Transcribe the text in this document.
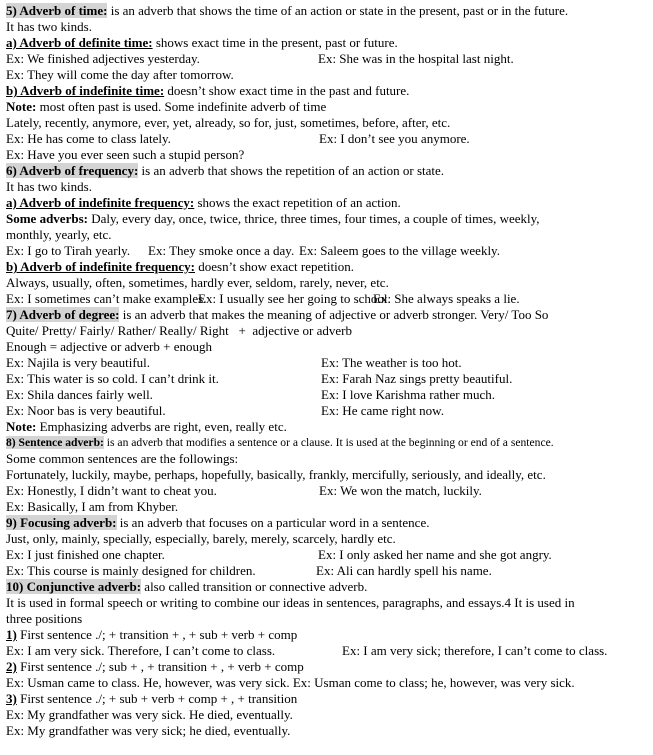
5) Adverb of time: is an adverb that shows the time of an action or state in the present, past or in the future.
It has two kinds.
a) Adverb of definite time: shows exact time in the present, past or future.
Ex: We finished adjectives yesterday.	Ex: She was in the hospital last night.
Ex: They will come the day after tomorrow.
b) Adverb of indefinite time: doesn’t show exact time in the past and future.
Note: most often past is used. Some indefinite adverb of time
Lately, recently, anymore, ever, yet, already, so for, just, sometimes, before, after, etc.
Ex: He has come to class lately.	Ex: I don’t see you anymore.
Ex: Have you ever seen such a stupid person?
6) Adverb of frequency: is an adverb that shows the repetition of an action or state.
It has two kinds.
a) Adverb of indefinite frequency: shows the exact repetition of an action.
Some adverbs: Daly, every day, once, twice, thrice, three times, four times, a couple of times, weekly,
monthly, yearly, etc.
Ex: I go to Tirah yearly. Ex: They smoke once a day. Ex: Saleem goes to the village weekly.
b) Adverb of indefinite frequency: doesn’t show exact repetition.
Always, usually, often, sometimes, hardly ever, seldom, rarely, never, etc.
Ex: I sometimes can’t make examples.
Ex: I usually see her going to school.
Ex: She always speaks a lie.
7) Adverb of degree: is an adverb that makes the meaning of adjective or adverb stronger. Very/ Too So
Quite/ Pretty/ Fairly/ Rather/ Really/ Right   +  adjective or adverb
Enough = adjective or adverb + enough
Ex: Najila is very beautiful.	Ex: The weather is too hot.
Ex: This water is so cold. I can’t drink it.	Ex: Farah Naz sings pretty beautiful.
Ex: Shila dances fairly well.	Ex: I love Karishma rather much.
Ex: Noor bas is very beautiful.	Ex: He came right now.
Note: Emphasizing adverbs are right, even, really etc.
8) Sentence adverb: is an adverb that modifies a sentence or a clause. It is used at the beginning or end of a sentence.
Some common sentences are the followings:
Fortunately, luckily, maybe, perhaps, hopefully, basically, frankly, mercifully, seriously, and ideally, etc.
Ex: Honestly, I didn’t want to cheat you.	Ex: We won the match, luckily.
Ex: Basically, I am from Khyber.
9) Focusing adverb: is an adverb that focuses on a particular word in a sentence.
Just, only, mainly, specially, especially, barely, merely, scarcely, hardly etc.
Ex: I just finished one chapter.	Ex: I only asked her name and she got angry.
Ex: This course is mainly designed for children.	Ex: Ali can hardly spell his name.
10) Conjunctive adverb: also called transition or connective adverb.
It is used in formal speech or writing to combine our ideas in sentences, paragraphs, and essays.4 It is used in
three positions
1) First sentence ./; + transition + , + sub + verb + comp
Ex: I am very sick. Therefore, I can’t come to class.	Ex: I am very sick; therefore, I can’t come to class.
2) First sentence ./; sub + , + transition + , + verb + comp
Ex: Usman came to class. He, however, was very sick. Ex: Usman come to class; he, however, was very sick.
3) First sentence ./; + sub + verb + comp + , + transition
Ex: My grandfather was very sick. He died, eventually.
Ex: My grandfather was very sick; he died, eventually.
